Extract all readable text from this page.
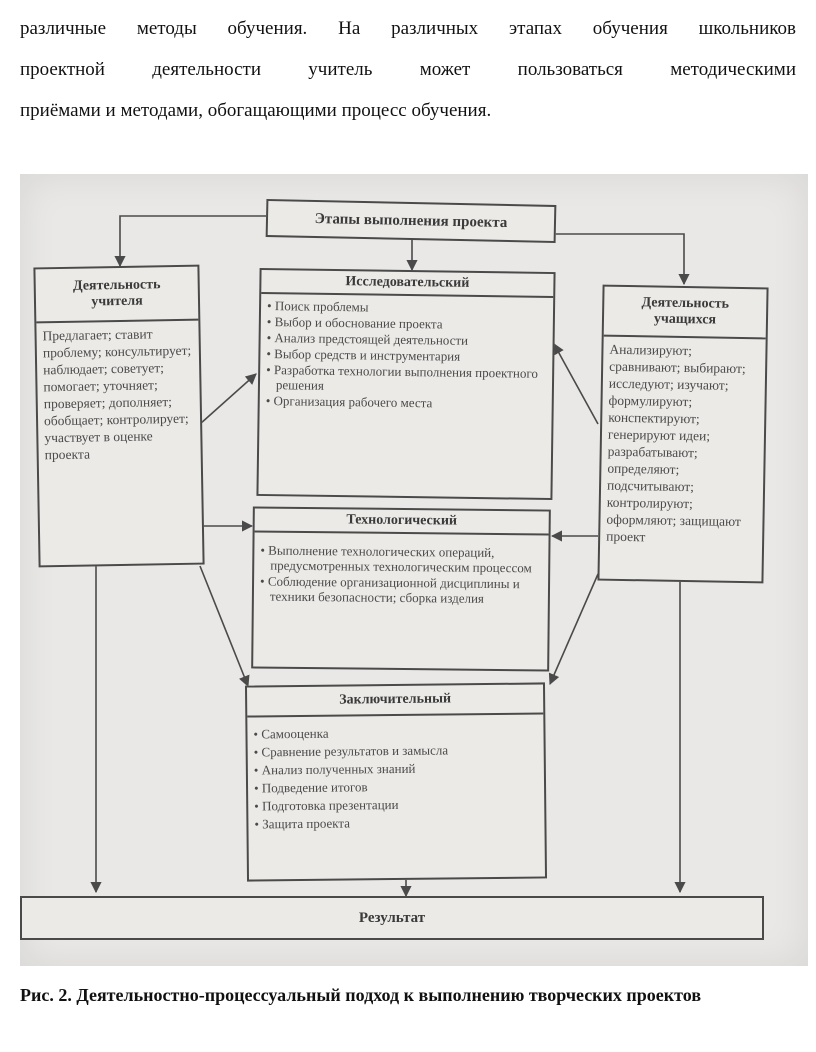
различные методы обучения. На различных этапах обучения школьников
проектной деятельности учитель может пользоваться методическими
приёмами и методами, обогащающими процесс обучения.
Этапы выполнения проекта
Деятельность учителя
Предлагает; ставит проблему; консультирует; наблюдает; советует; помогает; уточняет; проверяет; дополняет; обобщает; контролирует; участвует в оценке проекта
Исследовательский
• Поиск проблемы
• Выбор и обоснование проекта
• Анализ предстоящей деятельности
• Выбор средств и инструментария
• Разработка технологии выполнения проектного решения
• Организация рабочего места
Деятельность учащихся
Анализируют; сравнивают; выбирают; исследуют; изучают; формулируют; конспектируют; генерируют идеи; разрабатывают; определяют; подсчитывают; контролируют; оформляют; защищают проект
Технологический
• Выполнение технологических операций, предусмотренных технологическим процессом
• Соблюдение организационной дисциплины и техники безопасности; сборка изделия
Заключительный
• Самооценка
• Сравнение результатов и замысла
• Анализ полученных знаний
• Подведение итогов
• Подготовка презентации
• Защита проекта
Результат

Рис. 2. Деятельностно-процессуальный подход к выполнению творческих проектов
